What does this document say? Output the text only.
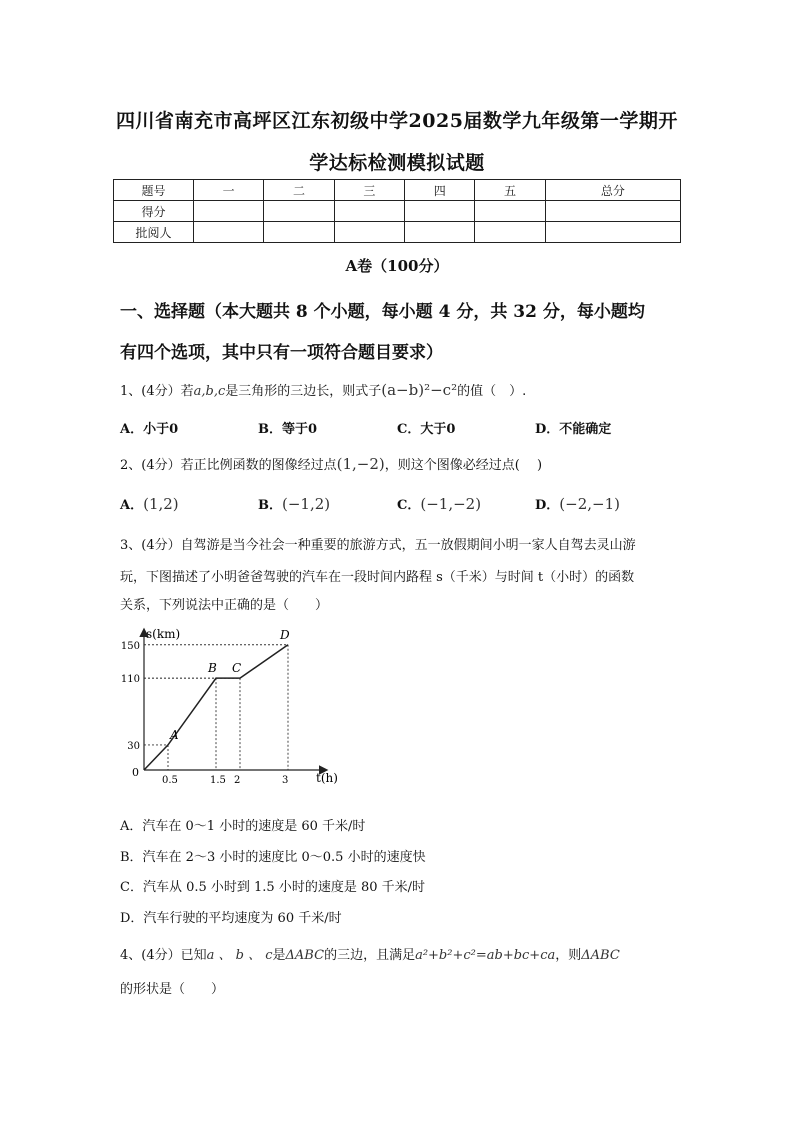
四川省南充市高坪区江东初级中学2025届数学九年级第一学期开
学达标检测模拟试题
题号	一	二	三	四	五	总分
得分						
批阅人						
A卷（100分）
一、选择题（本大题共 8 个小题，每小题 4 分，共 32 分，每小题均
有四个选项，其中只有一项符合题目要求）
1、(4分）若a,b,c是三角形的三边长，则式子(a−b)²−c²的值（　）.
A．小于0	B．等于0	C．大于0	D．不能确定
2、(4分）若正比例函数的图像经过点(1,−2)，则这个图像必经过点(　 )
A．(1,2)	B．(−1,2)	C．(−1,−2)	D．(−2,−1)
3、(4分）自驾游是当今社会一种重要的旅游方式，五一放假期间小明一家人自驾去灵山游
玩，下图描述了小明爸爸驾驶的汽车在一段时间内路程 s（千米）与时间 t（小时）的函数
关系，下列说法中正确的是（　　）
A
B C
D
0.5	1.5 2	3
30
110
150
s(km)
t(h)
0
A．汽车在 0～1 小时的速度是 60 千米/时
B．汽车在 2～3 小时的速度比 0～0.5 小时的速度快
C．汽车从 0.5 小时到 1.5 小时的速度是 80 千米/时
D．汽车行驶的平均速度为 60 千米/时
4、(4分）已知a 、 b 、 c是ΔABC的三边，且满足a²+b²+c²=ab+bc+ca，则ΔABC
的形状是（　　）
